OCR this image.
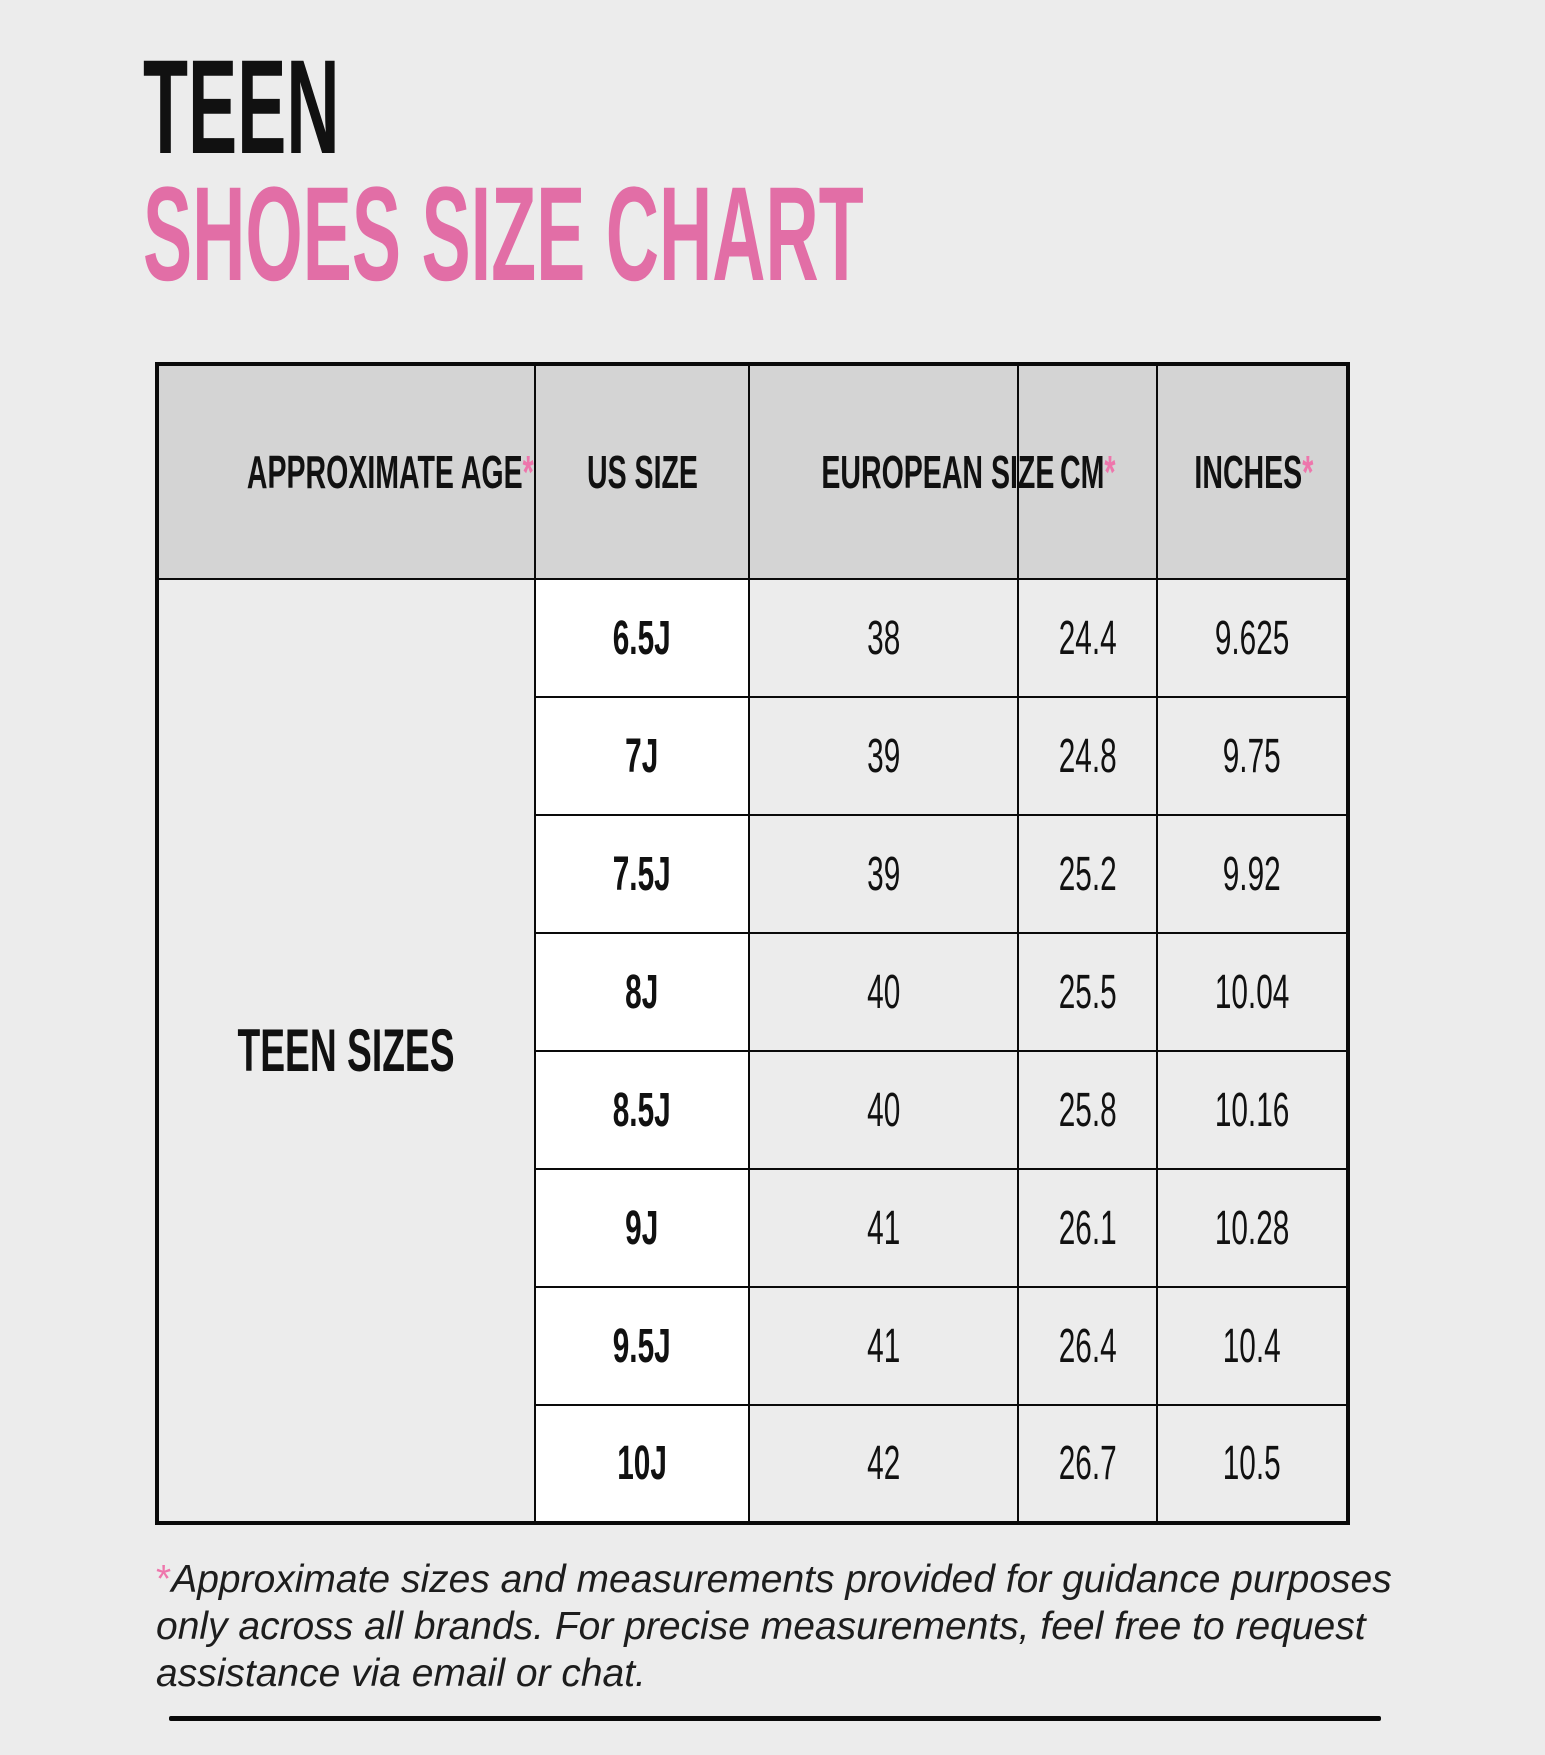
TEEN
SHOES SIZE CHART
APPROXIMATE AGE*	US SIZE	EUROPEAN SIZE	CM*	INCHES*
TEEN SIZES	6.5J	38	24.4	9.625
	7J	39	24.8	9.75
	7.5J	39	25.2	9.92
	8J	40	25.5	10.04
	8.5J	40	25.8	10.16
	9J	41	26.1	10.28
	9.5J	41	26.4	10.4
	10J	42	26.7	10.5

*Approximate sizes and measurements provided for guidance purposes
only across all brands. For precise measurements, feel free to request
assistance via email or chat.
